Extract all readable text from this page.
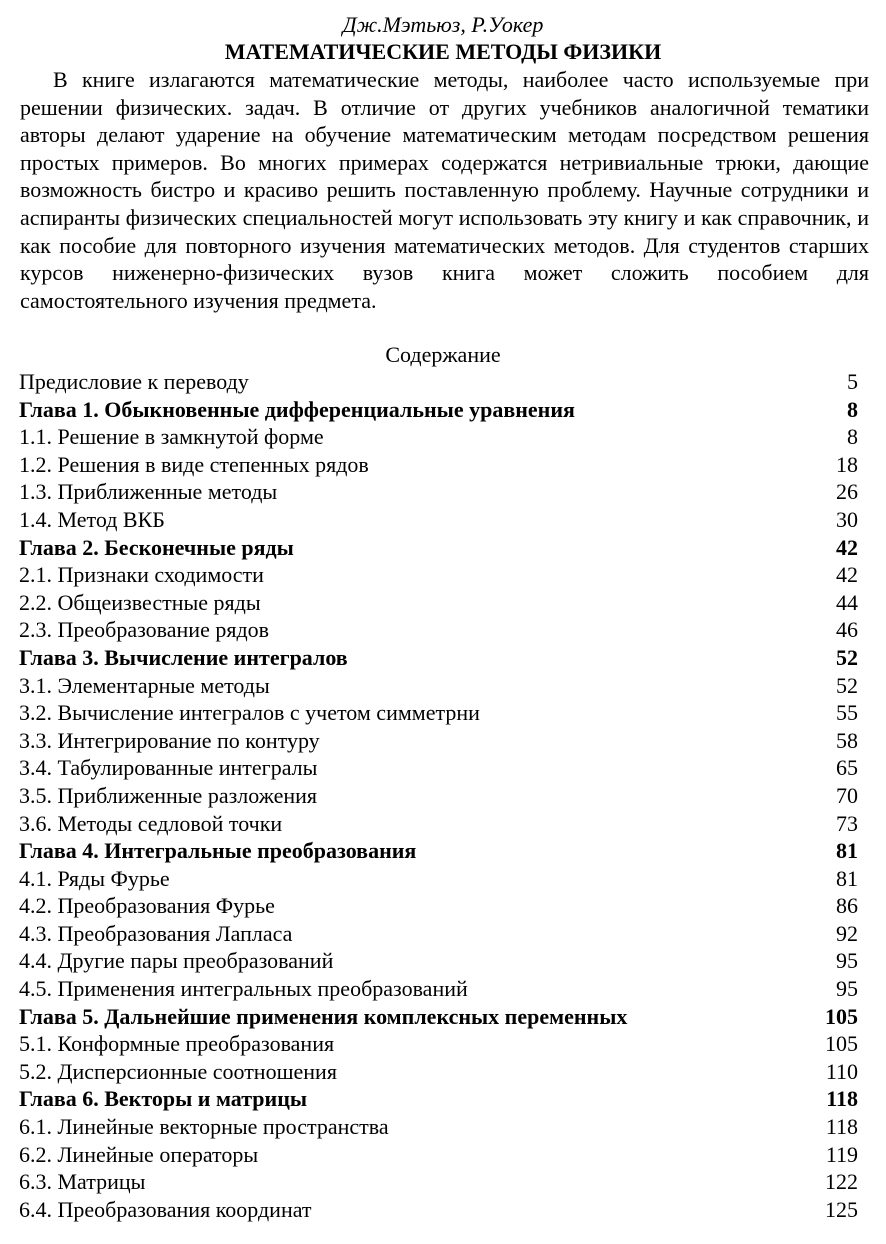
Дж.Мэтьюз, Р.Уокер
МАТЕМАТИЧЕСКИЕ МЕТОДЫ ФИЗИКИ

В книге излагаются математические методы, наиболее часто используемые при решении физических. задач. В отличие от других учебников аналогичной тематики авторы делают ударение на обучение математическим методам посредством решения простых примеров. Во многих примерах содержатся нетривиальные трюки, дающие возможность бистро и красиво решить поставленную проблему. Научные сотрудники и аспиранты физических специальностей могут использовать эту книгу и как справочник, и как пособие для повторного изучения математических методов. Для студентов старших курсов ниженерно-физических вузов книга может сложить пособием для самостоятельного изучения предмета.

Содержание
Предисловие к переводу	5
Глава 1. Обыкновенные дифференциальные уравнения	8
1.1. Решение в замкнутой форме	8
1.2. Решения в виде степенных рядов	18
1.3. Приближенные методы	26
1.4. Метод ВКБ	30
Глава 2. Бесконечные ряды	42
2.1. Признаки сходимости	42
2.2. Общеизвестные ряды	44
2.3. Преобразование рядов	46
Глава 3. Вычисление интегралов	52
3.1. Элементарные методы	52
3.2. Вычисление интегралов с учетом симметрни	55
3.3. Интегрирование по контуру	58
3.4. Табулированные интегралы	65
3.5. Приближенные разложения	70
3.6. Методы седловой точки	73
Глава 4. Интегральные преобразования	81
4.1. Ряды Фурье	81
4.2. Преобразования Фурье	86
4.3. Преобразования Лапласа	92
4.4. Другие пары преобразований	95
4.5. Применения интегральных преобразований	95
Глава 5. Дальнейшие применения комплексных переменных	105
5.1. Конформные преобразования	105
5.2. Дисперсионные соотношения	110
Глава 6. Векторы и матрицы	118
6.1. Линейные векторные пространства	118
6.2. Линейные операторы	119
6.3. Матрицы	122
6.4. Преобразования координат	125
